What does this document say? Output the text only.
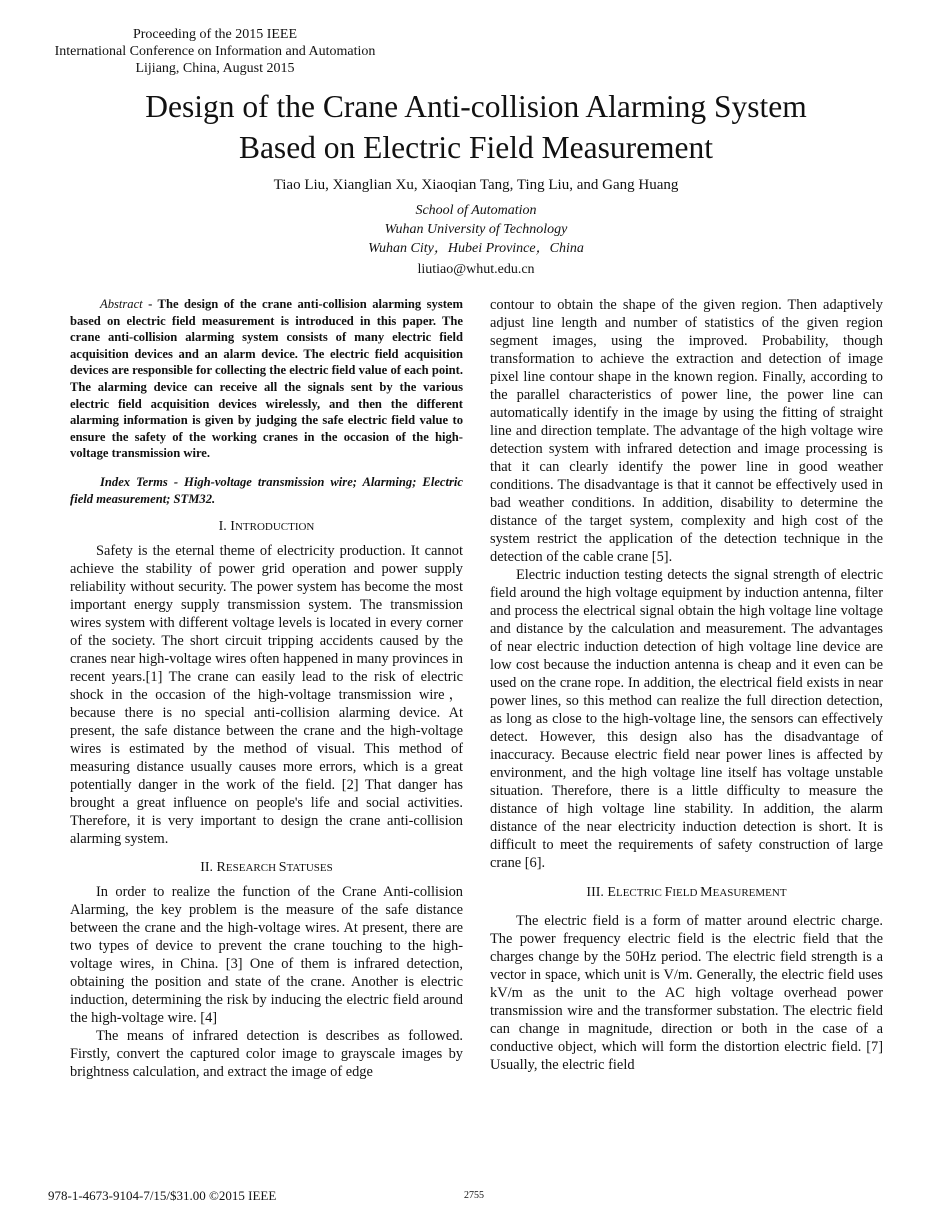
Proceeding of the 2015 IEEE
International Conference on Information and Automation
Lijiang, China, August 2015
Design of the Crane Anti-collision Alarming System
Based on Electric Field Measurement
Tiao Liu, Xianglian Xu, Xiaoqian Tang, Ting Liu, and Gang Huang
School of Automation
Wuhan University of Technology
Wuhan City，Hubei Province，China
liutiao@whut.edu.cn

Abstract - The design of the crane anti-collision alarming system based on electric field measurement is introduced in this paper. The crane anti-collision alarming system consists of many electric field acquisition devices and an alarm device. The electric field acquisition devices are responsible for collecting the electric field value of each point. The alarming device can receive all the signals sent by the various electric field acquisition devices wirelessly, and then the different alarming information is given by judging the safe electric field value to ensure the safety of the working cranes in the occasion of the high-voltage transmission wire.

Index Terms - High-voltage transmission wire; Alarming; Electric field measurement; STM32.

I. INTRODUCTION

Safety is the eternal theme of electricity production. It cannot achieve the stability of power grid operation and power supply reliability without security. The power system has become the most important energy supply transmission system. The transmission wires system with different voltage levels is located in every corner of the society. The short circuit tripping accidents caused by the cranes near high-voltage wires often happened in many provinces in recent years.[1] The crane can easily lead to the risk of electric shock in the occasion of the high-voltage transmission wire，because there is no special anti-collision alarming device. At present, the safe distance between the crane and the high-voltage wires is estimated by the method of visual. This method of measuring distance usually causes more errors, which is a great potentially danger in the work of the field. [2] That danger has brought a great influence on people's life and social activities. Therefore, it is very important to design the crane anti-collision alarming system.

II. RESEARCH STATUSES

In order to realize the function of the Crane Anti-collision Alarming, the key problem is the measure of the safe distance between the crane and the high-voltage wires. At present, there are two types of device to prevent the crane touching to the high-voltage wires, in China. [3] One of them is infrared detection, obtaining the position and state of the crane. Another is electric induction, determining the risk by inducing the electric field around the high-voltage wire. [4]

The means of infrared detection is describes as followed. Firstly, convert the captured color image to grayscale images by brightness calculation, and extract the image of edge

contour to obtain the shape of the given region. Then adaptively adjust line length and number of statistics of the given region segment images, using the improved. Probability, though transformation to achieve the extraction and detection of image pixel line contour shape in the known region. Finally, according to the parallel characteristics of power line, the power line can automatically identify in the image by using the fitting of straight line and direction template. The advantage of the high voltage wire detection system with infrared detection and image processing is that it can clearly identify the power line in good weather conditions. The disadvantage is that it cannot be effectively used in bad weather conditions. In addition, disability to determine the distance of the target system, complexity and high cost of the system restrict the application of the detection technique in the detection of the cable crane [5].

Electric induction testing detects the signal strength of electric field around the high voltage equipment by induction antenna, filter and process the electrical signal obtain the high voltage line voltage and distance by the calculation and measurement. The advantages of near electric induction detection of high voltage line device are low cost because the induction antenna is cheap and it even can be used on the crane rope. In addition, the electrical field exists in near power lines, so this method can realize the full direction detection, as long as close to the high-voltage line, the sensors can effectively detect. However, this design also has the disadvantage of inaccuracy. Because electric field near power lines is affected by environment, and the high voltage line itself has voltage unstable situation. Therefore, there is a little difficulty to measure the distance of high voltage line stability. In addition, the alarm distance of the near electricity induction detection is short. It is difficult to meet the requirements of safety construction of large crane [6].

III. ELECTRIC FIELD MEASUREMENT

The electric field is a form of matter around electric charge. The power frequency electric field is the electric field that the charges change by the 50Hz period. The electric field strength is a vector in space, which unit is V/m. Generally, the electric field uses kV/m as the unit to the AC high voltage overhead power transmission wire and the transformer substation. The electric field can change in magnitude, direction or both in the case of a conductive object, which will form the distortion electric field. [7] Usually, the electric field

978-1-4673-9104-7/15/$31.00 ©2015 IEEE	2755
